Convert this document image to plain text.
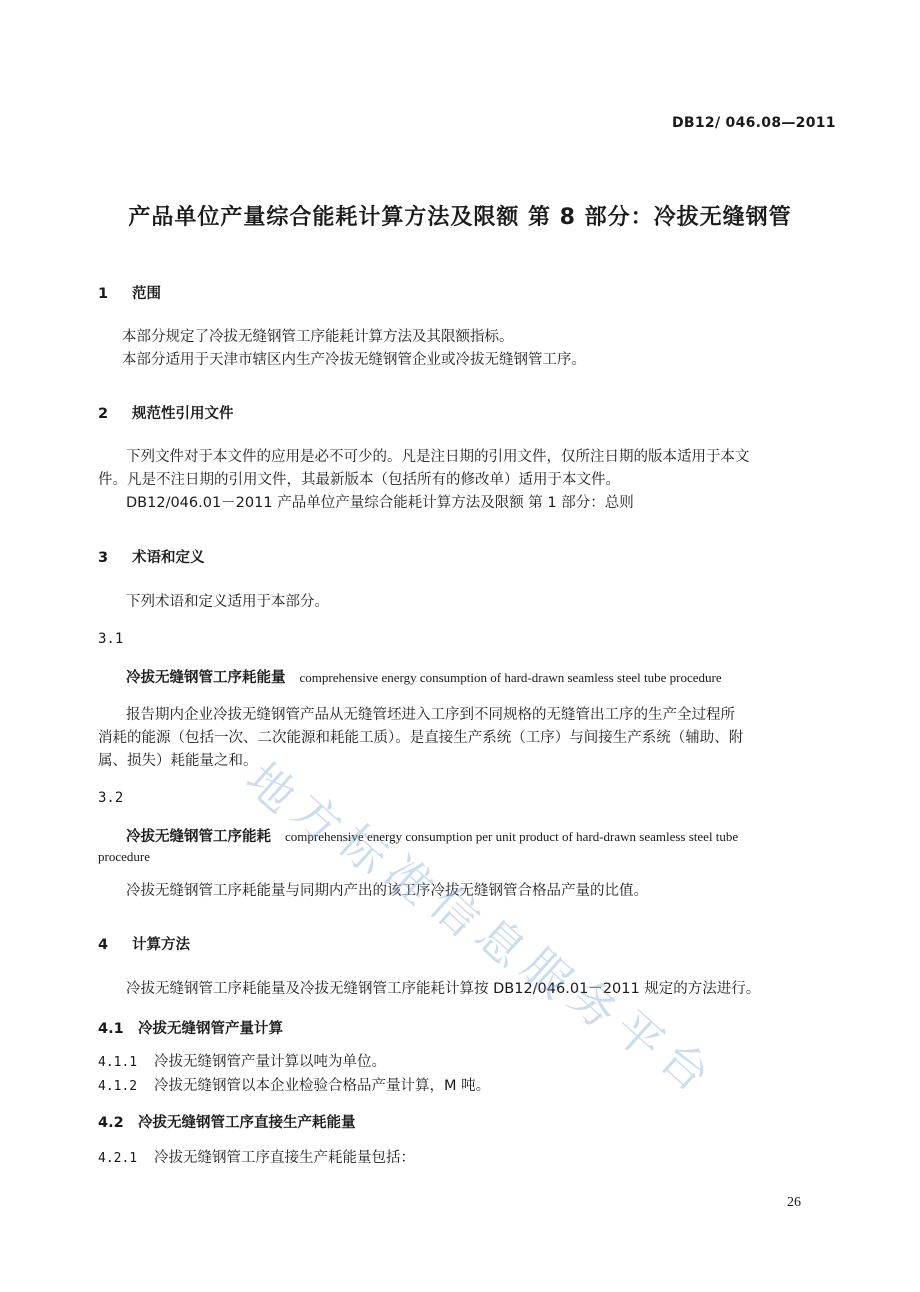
DB12/ 046.08—2011
产品单位产量综合能耗计算方法及限额 第 8 部分：冷拔无缝钢管
1 范围
本部分规定了冷拔无缝钢管工序能耗计算方法及其限额指标。
本部分适用于天津市辖区内生产冷拔无缝钢管企业或冷拔无缝钢管工序。
2 规范性引用文件
下列文件对于本文件的应用是必不可少的。凡是注日期的引用文件，仅所注日期的版本适用于本文
件。凡是不注日期的引用文件，其最新版本（包括所有的修改单）适用于本文件。
DB12/046.01－2011 产品单位产量综合能耗计算方法及限额 第 1 部分：总则
3 术语和定义
下列术语和定义适用于本部分。
3.1
冷拔无缝钢管工序耗能量 comprehensive energy consumption of hard-drawn seamless steel tube procedure
报告期内企业冷拔无缝钢管产品从无缝管坯进入工序到不同规格的无缝管出工序的生产全过程所
消耗的能源（包括一次、二次能源和耗能工质）。是直接生产系统（工序）与间接生产系统（辅助、附
属、损失）耗能量之和。
3.2
冷拔无缝钢管工序能耗 comprehensive energy consumption per unit product of hard-drawn seamless steel tube
procedure
冷拔无缝钢管工序耗能量与同期内产出的该工序冷拔无缝钢管合格品产量的比值。
4 计算方法
冷拔无缝钢管工序耗能量及冷拔无缝钢管工序能耗计算按 DB12/046.01－2011 规定的方法进行。
4.1 冷拔无缝钢管产量计算
4.1.1 冷拔无缝钢管产量计算以吨为单位。
4.1.2 冷拔无缝钢管以本企业检验合格品产量计算，M 吨。
4.2 冷拔无缝钢管工序直接生产耗能量
4.2.1 冷拔无缝钢管工序直接生产耗能量包括：
26
地
方
标
准
信
息
服
务
平
台
